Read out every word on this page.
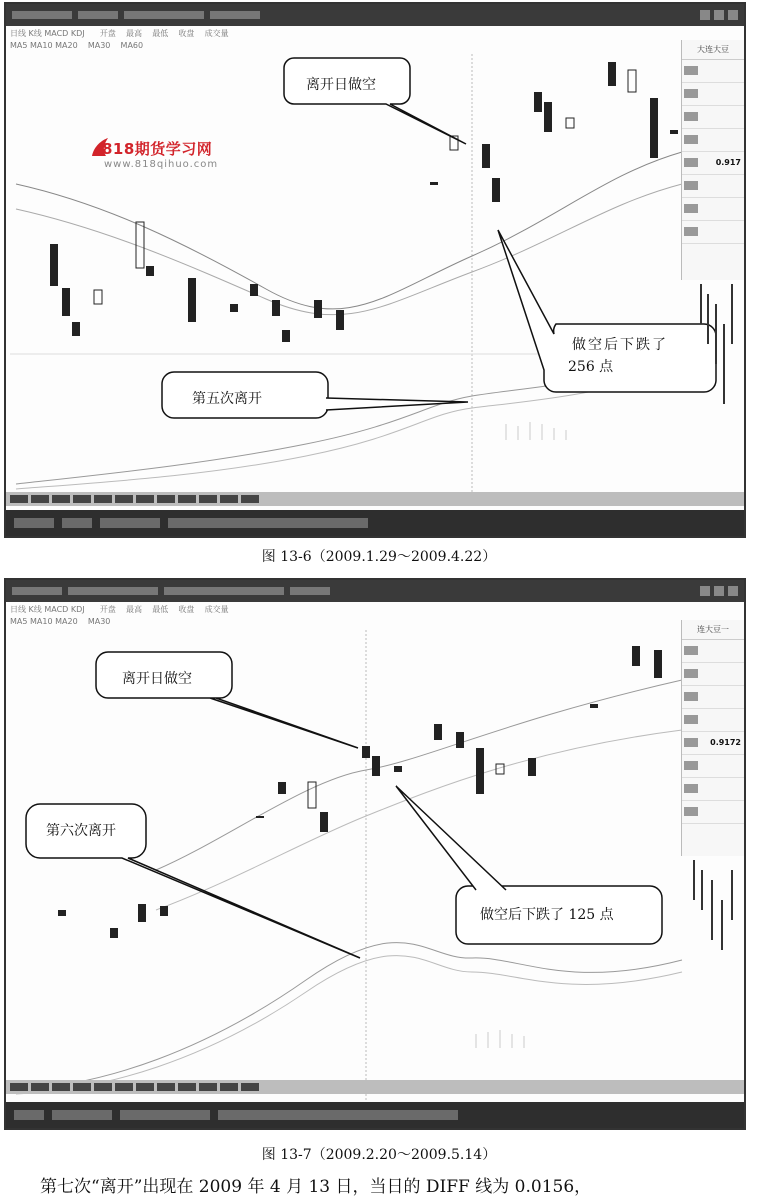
日线 K线 MACD KDJ      开盘    最高    最低    收盘    成交量
MA5 MA10 MA20    MA30    MA60	大连大豆
0.917
离开日做空
第五次离开
做空后下跌了
256 点
818期货学习网
www.818qihuo.com
图 13-6（2009.1.29～2009.4.22）
日线 K线 MACD KDJ      开盘    最高    最低    收盘    成交量
MA5 MA10 MA20    MA30
连大豆一
0.9172
离开日做空
第六次离开
做空后下跌了 125 点
图 13-7（2009.2.20～2009.5.14）
第七次“离开”出现在 2009 年 4 月 13 日，当日的 DIFF 线为 0.0156，
